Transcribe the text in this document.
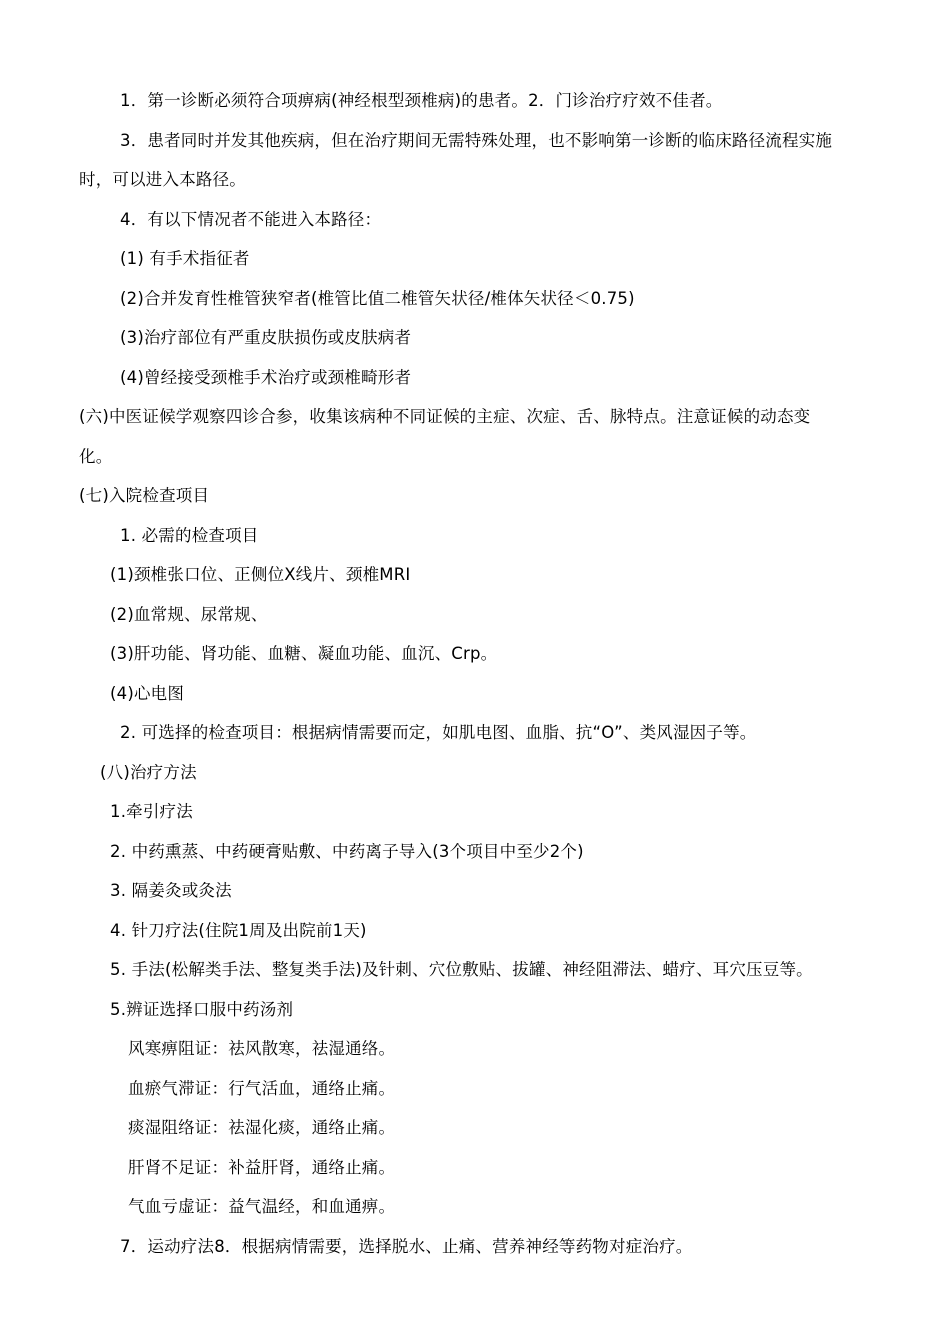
1．第一诊断必须符合项痹病(神经根型颈椎病)的患者。2．门诊治疗疗效不佳者。
3．患者同时并发其他疾病，但在治疗期间无需特殊处理，也不影响第一诊断的临床路径流程实施
时，可以进入本路径。
4．有以下情况者不能进入本路径：
(1) 有手术指征者
(2)合并发育性椎管狭窄者(椎管比值二椎管矢状径/椎体矢状径＜0.75)
(3)治疗部位有严重皮肤损伤或皮肤病者
(4)曾经接受颈椎手术治疗或颈椎畸形者
(六)中医证候学观察四诊合参，收集该病种不同证候的主症、次症、舌、脉特点。注意证候的动态变
化。
(七)入院检查项目
1. 必需的检查项目
(1)颈椎张口位、正侧位X线片、颈椎MRI
(2)血常规、尿常规、
(3)肝功能、肾功能、血糖、凝血功能、血沉、Crp。
(4)心电图
2. 可选择的检查项目：根据病情需要而定，如肌电图、血脂、抗“O”、类风湿因子等。
(八)治疗方法
1.牵引疗法
2. 中药熏蒸、中药硬膏贴敷、中药离子导入(3个项目中至少2个)
3. 隔姜灸或灸法
4. 针刀疗法(住院1周及出院前1天)
5. 手法(松解类手法、整复类手法)及针刺、穴位敷贴、拔罐、神经阻滞法、蜡疗、耳穴压豆等。
5.辨证选择口服中药汤剂
风寒痹阻证：祛风散寒，祛湿通络。
血瘀气滞证：行气活血，通络止痛。
痰湿阻络证：祛湿化痰，通络止痛。
肝肾不足证：补益肝肾，通络止痛。
气血亏虚证：益气温经，和血通痹。
7．运动疗法8．根据病情需要，选择脱水、止痛、营养神经等药物对症治疗。
